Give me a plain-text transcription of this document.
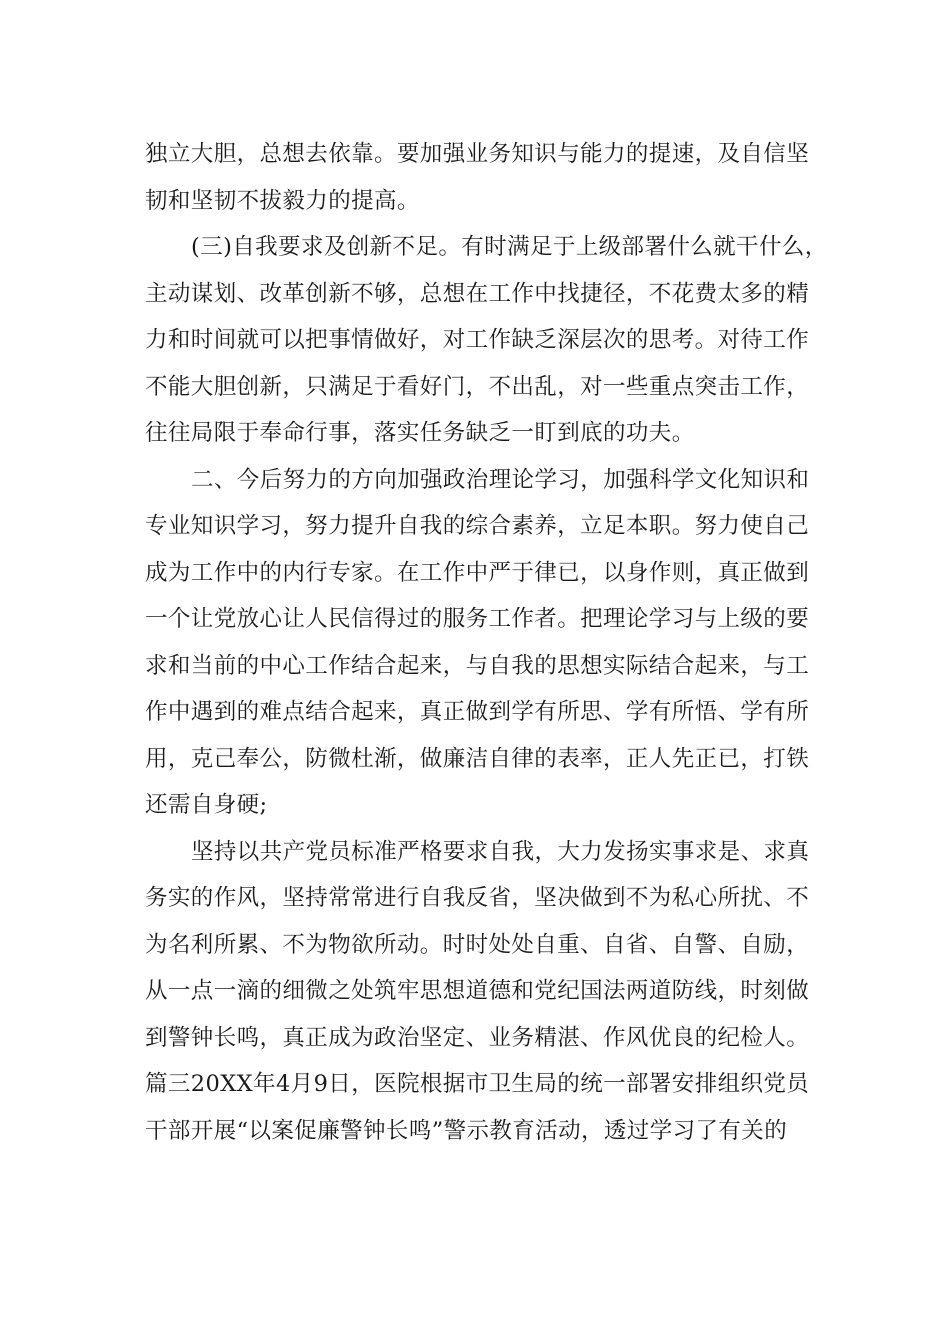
独立大胆，总想去依靠。要加强业务知识与能力的提速，及自信坚
韧和坚韧不拔毅力的提高。
(三)自我要求及创新不足。有时满足于上级部署什么就干什么，
主动谋划、改革创新不够，总想在工作中找捷径，不花费太多的精
力和时间就可以把事情做好，对工作缺乏深层次的思考。对待工作
不能大胆创新，只满足于看好门，不出乱，对一些重点突击工作，
往往局限于奉命行事，落实任务缺乏一盯到底的功夫。
二、今后努力的方向加强政治理论学习，加强科学文化知识和
专业知识学习，努力提升自我的综合素养，立足本职。努力使自己
成为工作中的内行专家。在工作中严于律已，以身作则，真正做到
一个让党放心让人民信得过的服务工作者。把理论学习与上级的要
求和当前的中心工作结合起来，与自我的思想实际结合起来，与工
作中遇到的难点结合起来，真正做到学有所思、学有所悟、学有所
用，克己奉公，防微杜渐，做廉洁自律的表率，正人先正已，打铁
还需自身硬;
坚持以共产党员标准严格要求自我，大力发扬实事求是、求真
务实的作风，坚持常常进行自我反省，坚决做到不为私心所扰、不
为名利所累、不为物欲所动。时时处处自重、自省、自警、自励，
从一点一滴的细微之处筑牢思想道德和党纪国法两道防线，时刻做
到警钟长鸣，真正成为政治坚定、业务精湛、作风优良的纪检人。
篇三20XX年4月9日，医院根据市卫生局的统一部署安排组织党员
干部开展“以案促廉警钟长鸣”警示教育活动，透过学习了有关的
